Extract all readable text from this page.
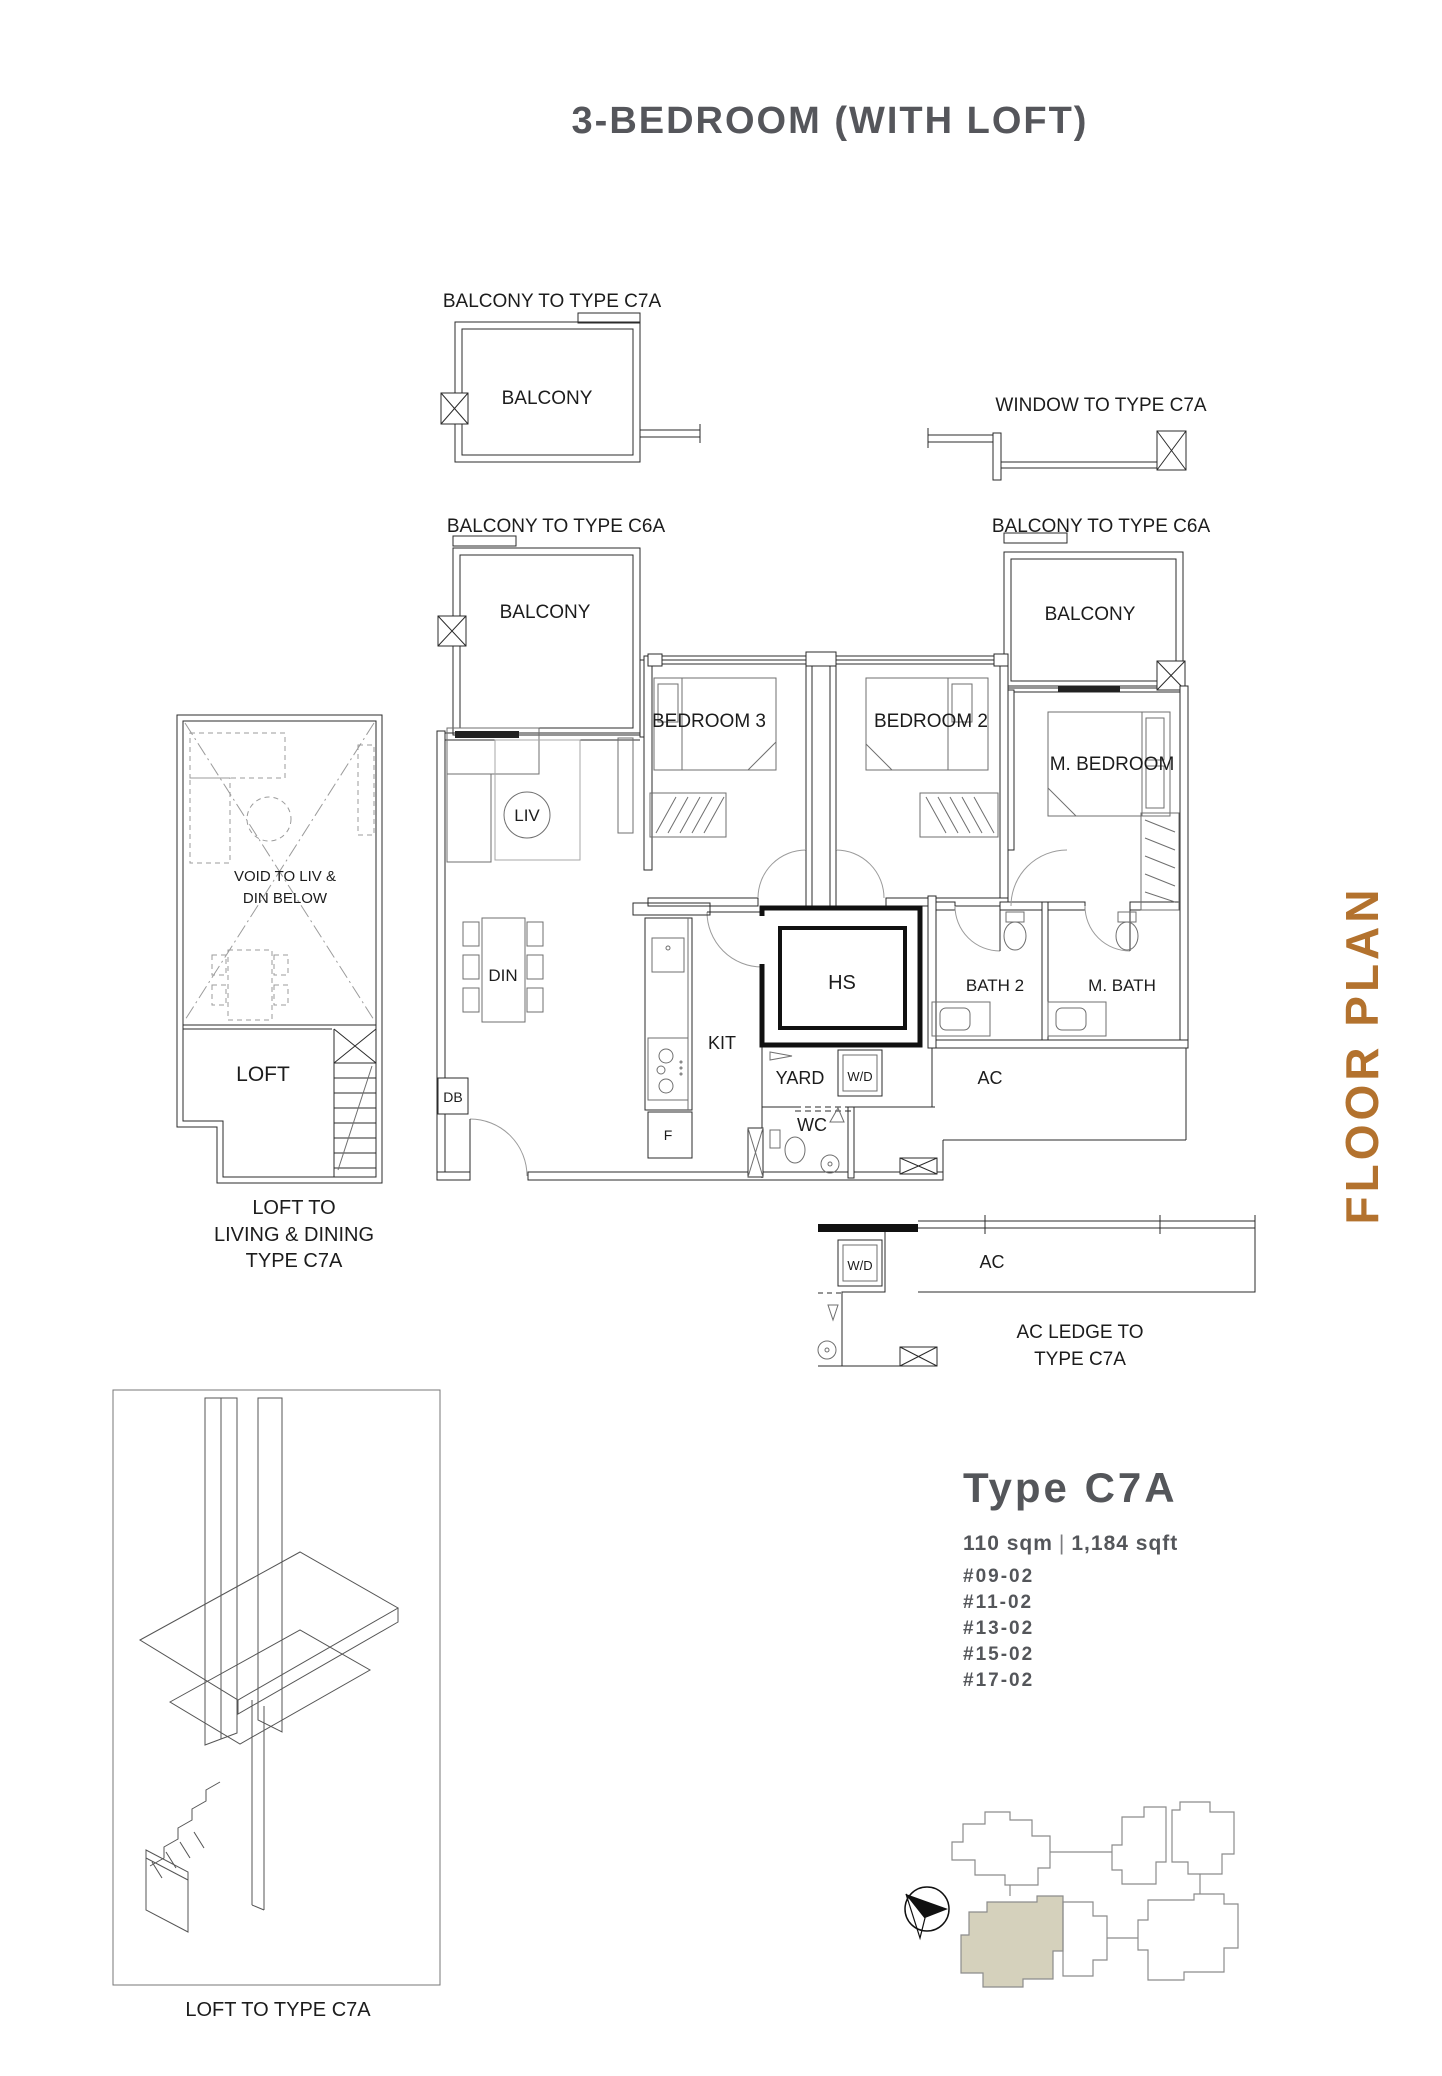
3-BEDROOM (WITH LOFT)
FLOOR PLAN
Type C7A
110 sqm | 1,184 sqft
#09-02
#11-02
#13-02
#15-02
#17-02
BALCONY TO TYPE C7A
BALCONY	WINDOW TO TYPE C7A
BALCONY TO TYPE C6A
BALCONY
BALCONY TO TYPE C6A
BALCONY
LIV
DIN
DB
KIT
F
HS	BATH 2	M. BATH
M. BEDROOM
BEDROOM 3	BEDROOM 2
YARD W/D	AC
WC
VOID TO LIV &
DIN BELOW
LOFT
LOFT TO
LIVING & DINING
TYPE C7A	W/D	AC
AC LEDGE TO
TYPE C7A
LOFT TO TYPE C7A
